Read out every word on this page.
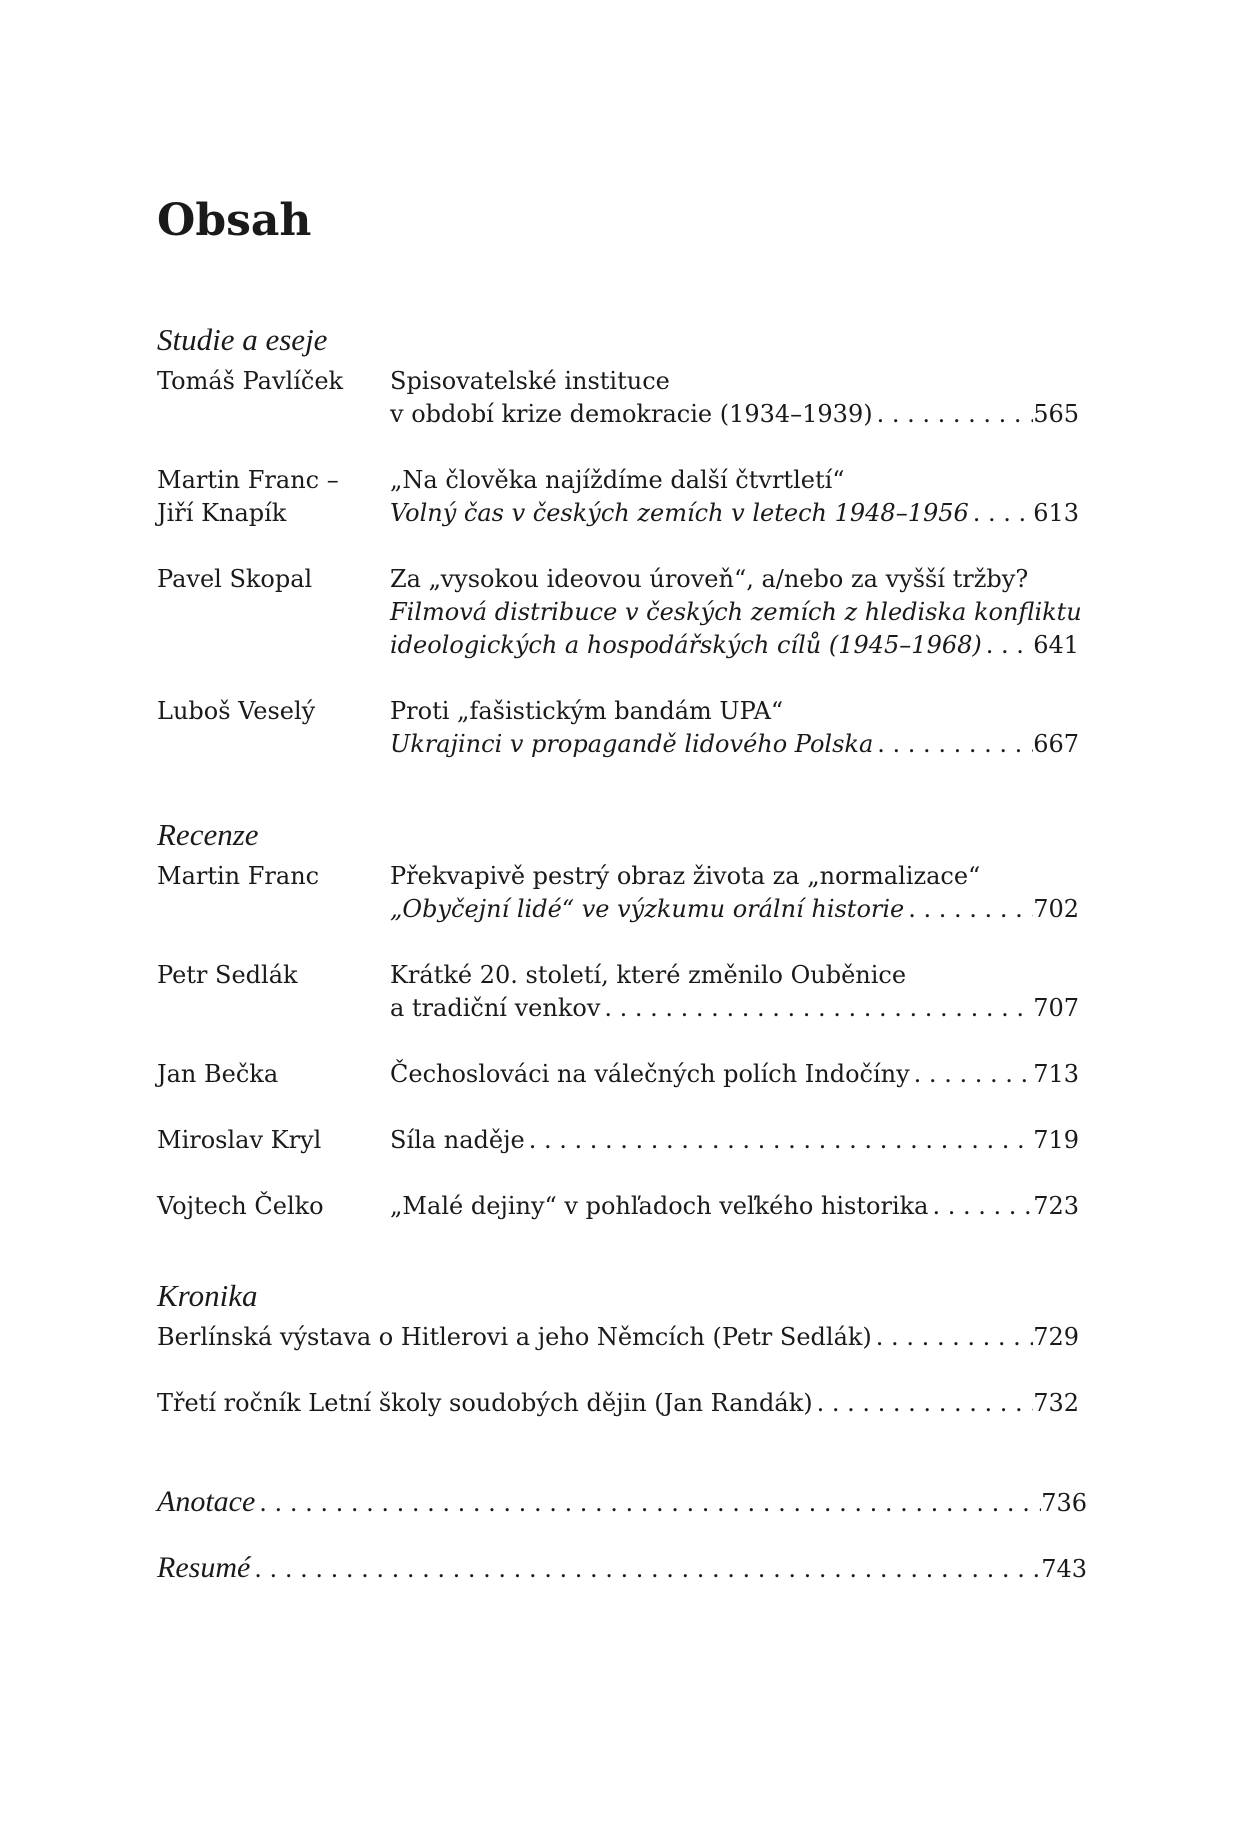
Obsah
Studie a eseje
Tomáš Pavlíček	Spisovatelské instituce
v období krize demokracie (1934–1939) . . .	565
Martin Franc –
Jiří Knapík
„Na člověka najíždíme další čtvrtletí“
Volný čas v českých zemích v letech 1948–1956 . . .	613
Pavel Skopal	Za „vysokou ideovou úroveň“, a/nebo za vyšší tržby?
Filmová distribuce v českých zemích z hlediska konfliktu
ideologických a hospodářských cílů (1945–1968) . . . 641
Luboš Veselý	Proti „fašistickým bandám UPA“
Ukrajinci v propagandě lidového Polska . . .	667
Recenze
Martin Franc	Překvapivě pestrý obraz života za „normalizace“
„Obyčejní lidé“ ve výzkumu orální historie . . .	702
Petr Sedlák	Krátké 20. století, které změnilo Ouběnice
a tradiční venkov . . .	707
Jan Bečka	Čechoslováci na válečných polích Indočíny . . .	713
Miroslav Kryl	Síla naděje . . .	719
Vojtech Čelko	„Malé dejiny“ v pohľadoch veľkého historika . . .	723
Kronika
Berlínská výstava o Hitlerovi a jeho Němcích (Petr Sedlák) . . .	729
Třetí ročník Letní školy soudobých dějin (Jan Randák) . . .	732
Anotace . . .	736
Resumé . . .	743
